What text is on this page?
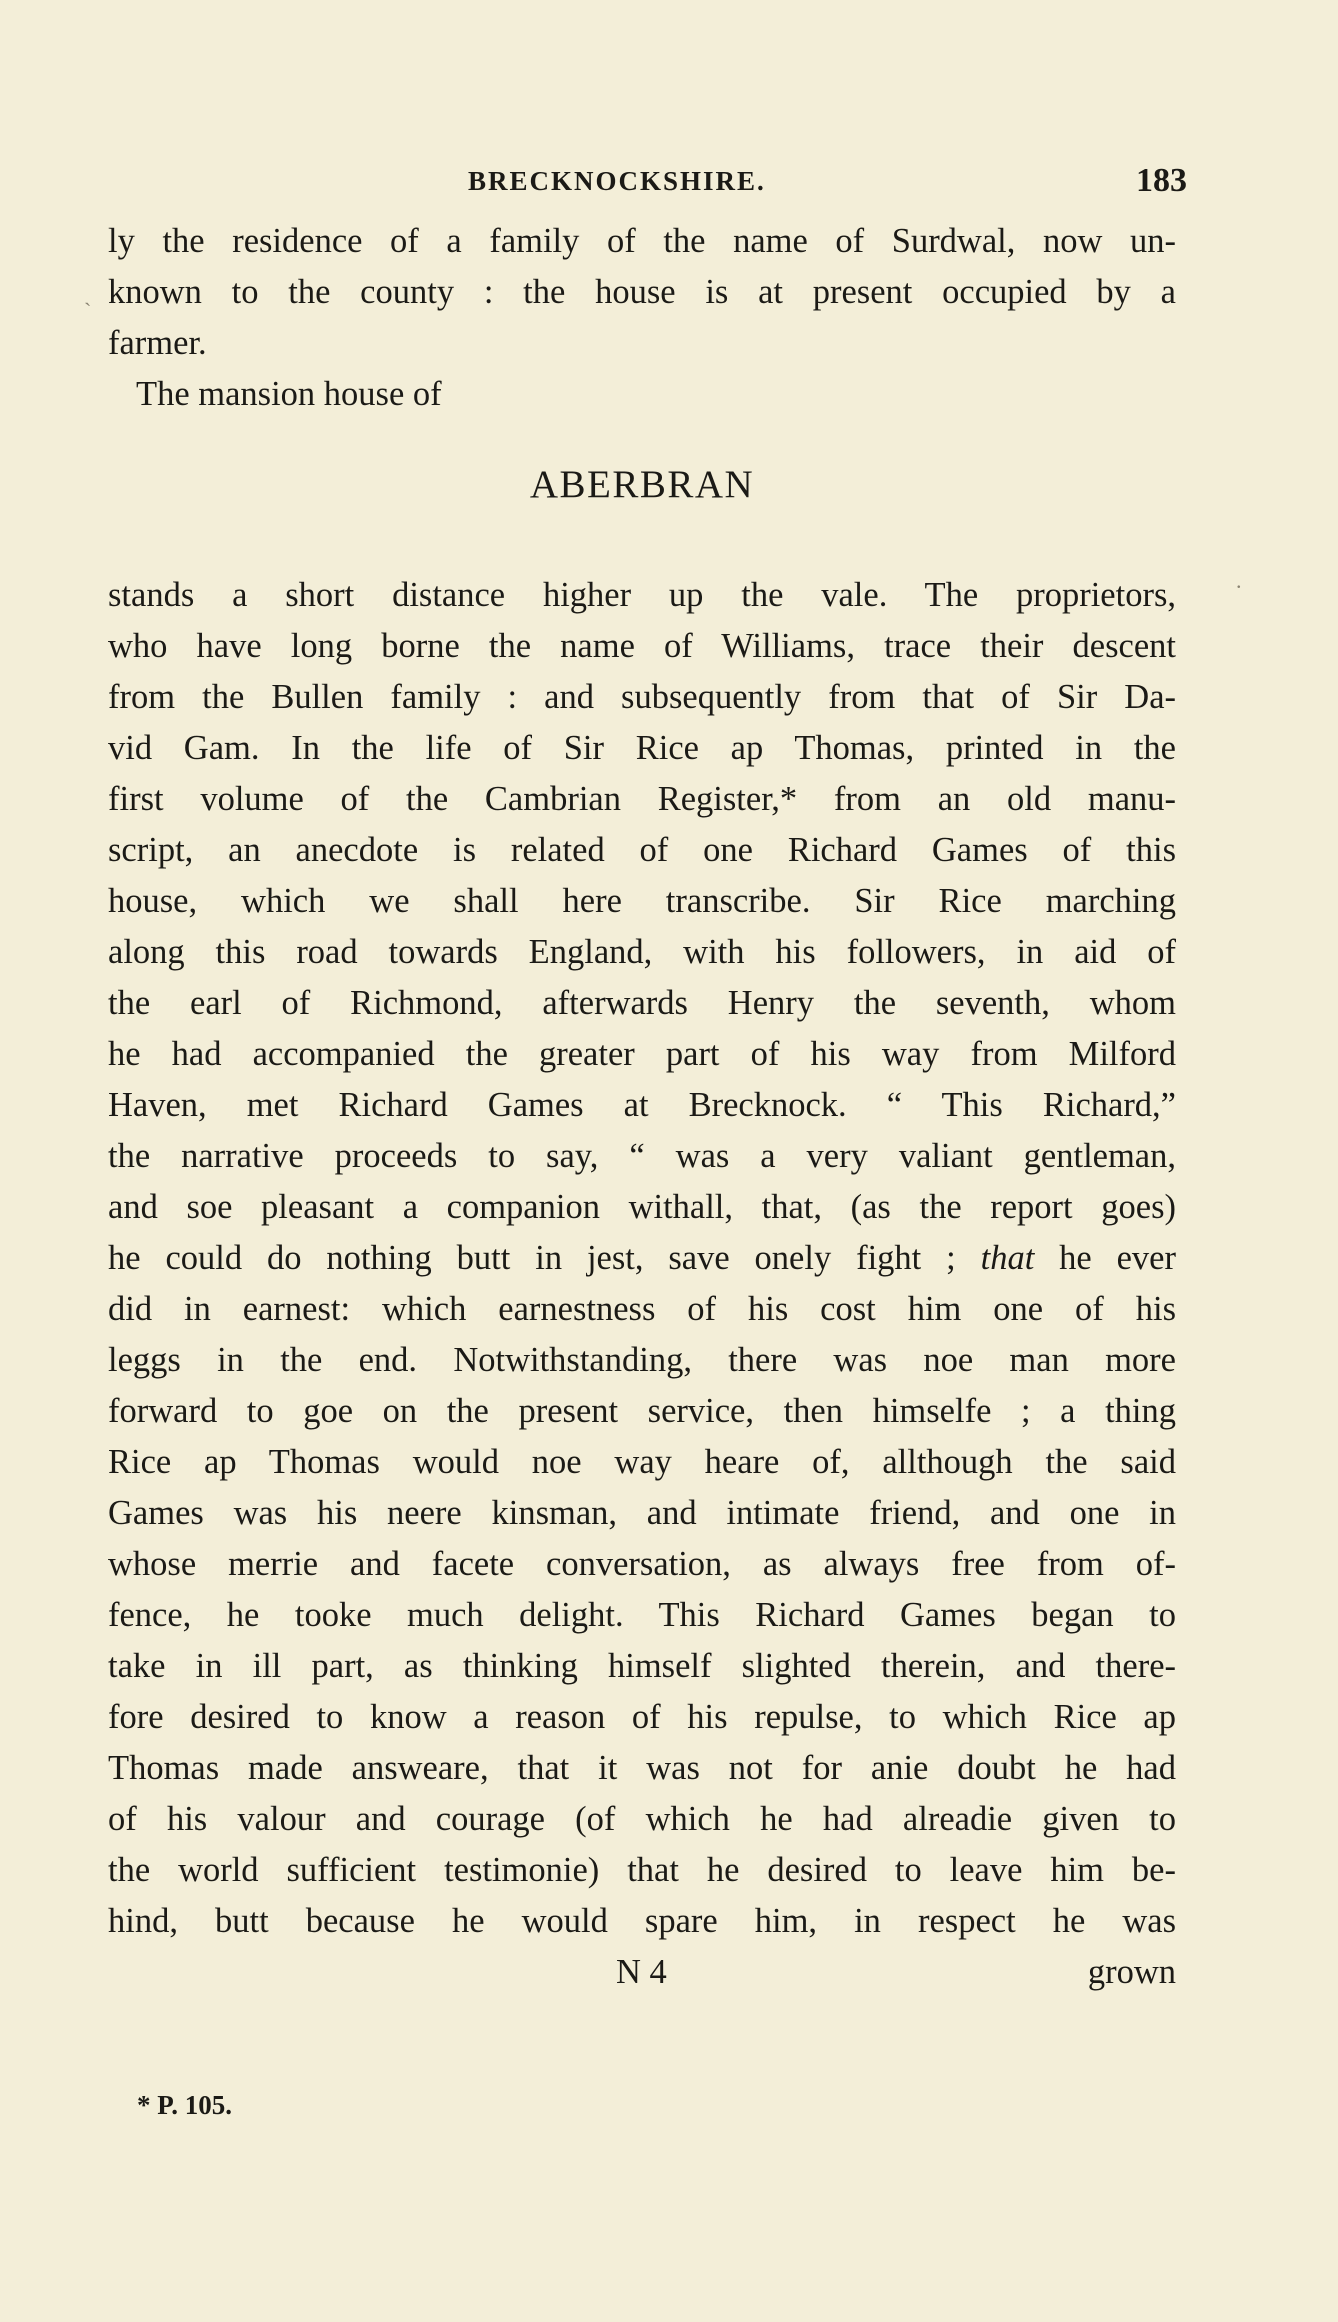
BRECKNOCKSHIRE.	183
`
.
ly the residence of a family of the name of Surdwal, now un-
known to the county : the house is at present occupied by a
farmer.
The mansion house of
ABERBRAN
stands a short distance higher up the vale. The proprietors,
who have long borne the name of Williams, trace their descent
from the Bullen family : and subsequently from that of Sir Da-
vid Gam. In the life of Sir Rice ap Thomas, printed in the
first volume of the Cambrian Register,* from an old manu-
script, an anecdote is related of one Richard Games of this
house, which we shall here transcribe. Sir Rice marching
along this road towards England, with his followers, in aid of
the earl of Richmond, afterwards Henry the seventh, whom
he had accompanied the greater part of his way from Milford
Haven, met Richard Games at Brecknock. “ This Richard,”
the narrative proceeds to say, “ was a very valiant gentleman,
and soe pleasant a companion withall, that, (as the report goes)
he could do nothing butt in jest, save onely fight ; that he ever
did in earnest: which earnestness of his cost him one of his
leggs in the end. Notwithstanding, there was noe man more
forward to goe on the present service, then himselfe ; a thing
Rice ap Thomas would noe way heare of, allthough the said
Games was his neere kinsman, and intimate friend, and one in
whose merrie and facete conversation, as always free from of-
fence, he tooke much delight. This Richard Games began to
take in ill part, as thinking himself slighted therein, and there-
fore desired to know a reason of his repulse, to which Rice ap
Thomas made answeare, that it was not for anie doubt he had
of his valour and courage (of which he had alreadie given to
the world sufficient testimonie) that he desired to leave him be-
hind, butt because he would spare him, in respect he was
N 4	grown
* P. 105.
